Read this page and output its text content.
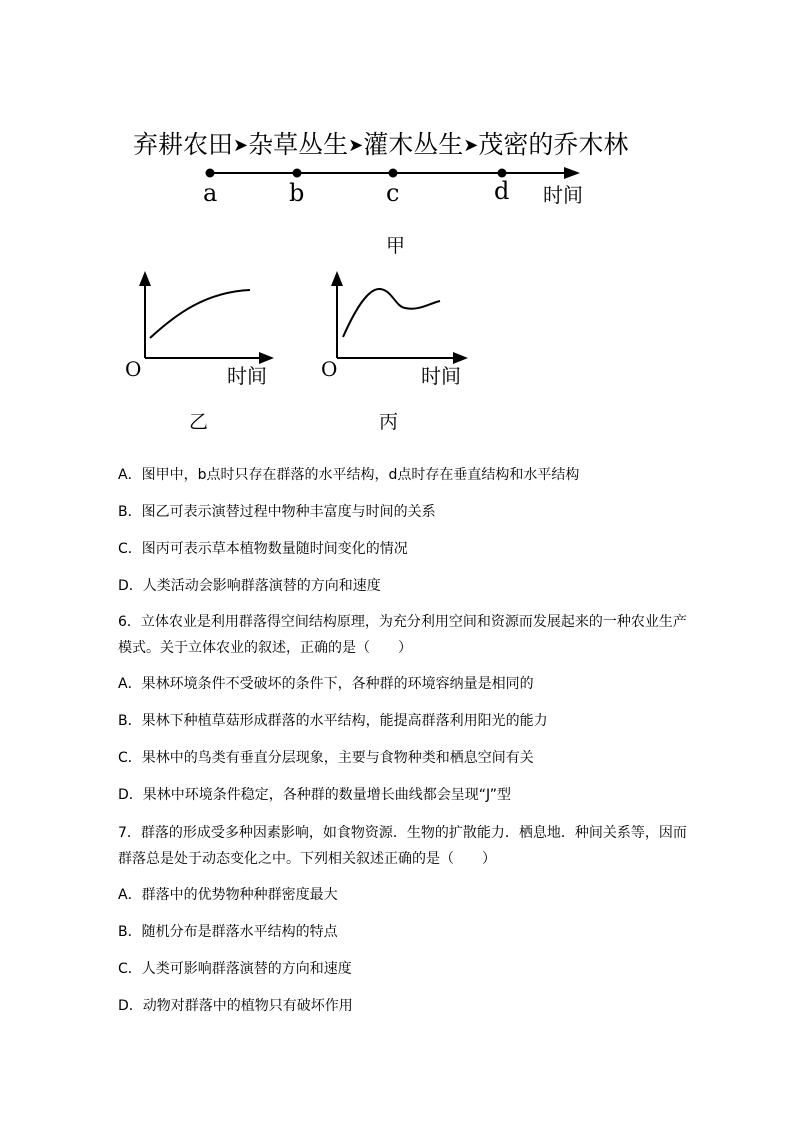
弃耕农田➤杂草丛生➤灌木丛生➤茂密的乔木林
a	b	c	d 时间
甲
O	时间
乙
O	时间
丙
A．图甲中，b点时只存在群落的水平结构，d点时存在垂直结构和水平结构
B．图乙可表示演替过程中物种丰富度与时间的关系
C．图丙可表示草本植物数量随时间变化的情况
D．人类活动会影响群落演替的方向和速度
6．立体农业是利用群落得空间结构原理，为充分利用空间和资源而发展起来的一种农业生产模式。关于立体农业的叙述，正确的是（　　）
A．果林环境条件不受破坏的条件下，各种群的环境容纳量是相同的
B．果林下种植草菇形成群落的水平结构，能提高群落利用阳光的能力
C．果林中的鸟类有垂直分层现象，主要与食物种类和栖息空间有关
D．果林中环境条件稳定，各种群的数量增长曲线都会呈现“J”型
7．群落的形成受多种因素影响，如食物资源．生物的扩散能力．栖息地．种间关系等，因而群落总是处于动态变化之中。下列相关叙述正确的是（　　）
A．群落中的优势物种种群密度最大
B．随机分布是群落水平结构的特点
C．人类可影响群落演替的方向和速度
D．动物对群落中的植物只有破坏作用
